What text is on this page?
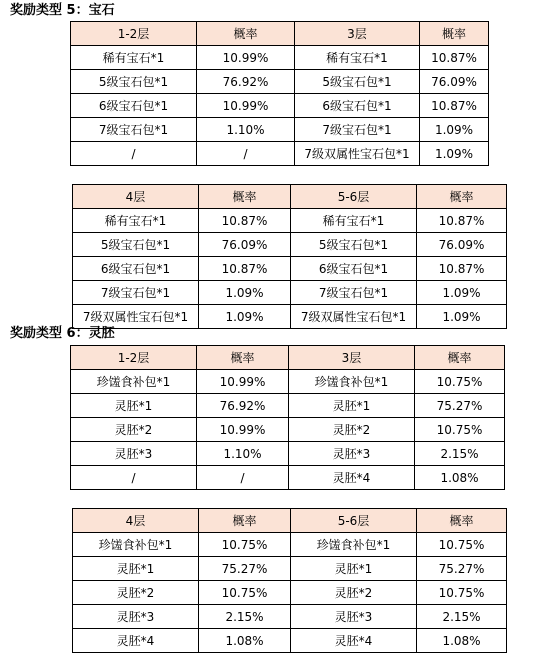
奖励类型 5：宝石
1-2层	概率	3层	概率
稀有宝石*1	10.99%	稀有宝石*1	10.87%
5级宝石包*1	76.92%	5级宝石包*1	76.09%
6级宝石包*1	10.99%	6级宝石包*1	10.87%
7级宝石包*1	1.10%	7级宝石包*1	1.09%
/	/	7级双属性宝石包*1	1.09%
4层	概率	5-6层	概率
稀有宝石*1	10.87%	稀有宝石*1	10.87%
5级宝石包*1	76.09%	5级宝石包*1	76.09%
6级宝石包*1	10.87%	6级宝石包*1	10.87%
7级宝石包*1	1.09%	7级宝石包*1	1.09%
7级双属性宝石包*1	1.09%	7级双属性宝石包*1	1.09%
奖励类型 6：灵胚
1-2层	概率	3层	概率
珍馐食补包*1	10.99%	珍馐食补包*1	10.75%
灵胚*1	76.92%	灵胚*1	75.27%
灵胚*2	10.99%	灵胚*2	10.75%
灵胚*3	1.10%	灵胚*3	2.15%
/	/	灵胚*4	1.08%
4层	概率	5-6层	概率
珍馐食补包*1	10.75%	珍馐食补包*1	10.75%
灵胚*1	75.27%	灵胚*1	75.27%
灵胚*2	10.75%	灵胚*2	10.75%
灵胚*3	2.15%	灵胚*3	2.15%
灵胚*4	1.08%	灵胚*4	1.08%
